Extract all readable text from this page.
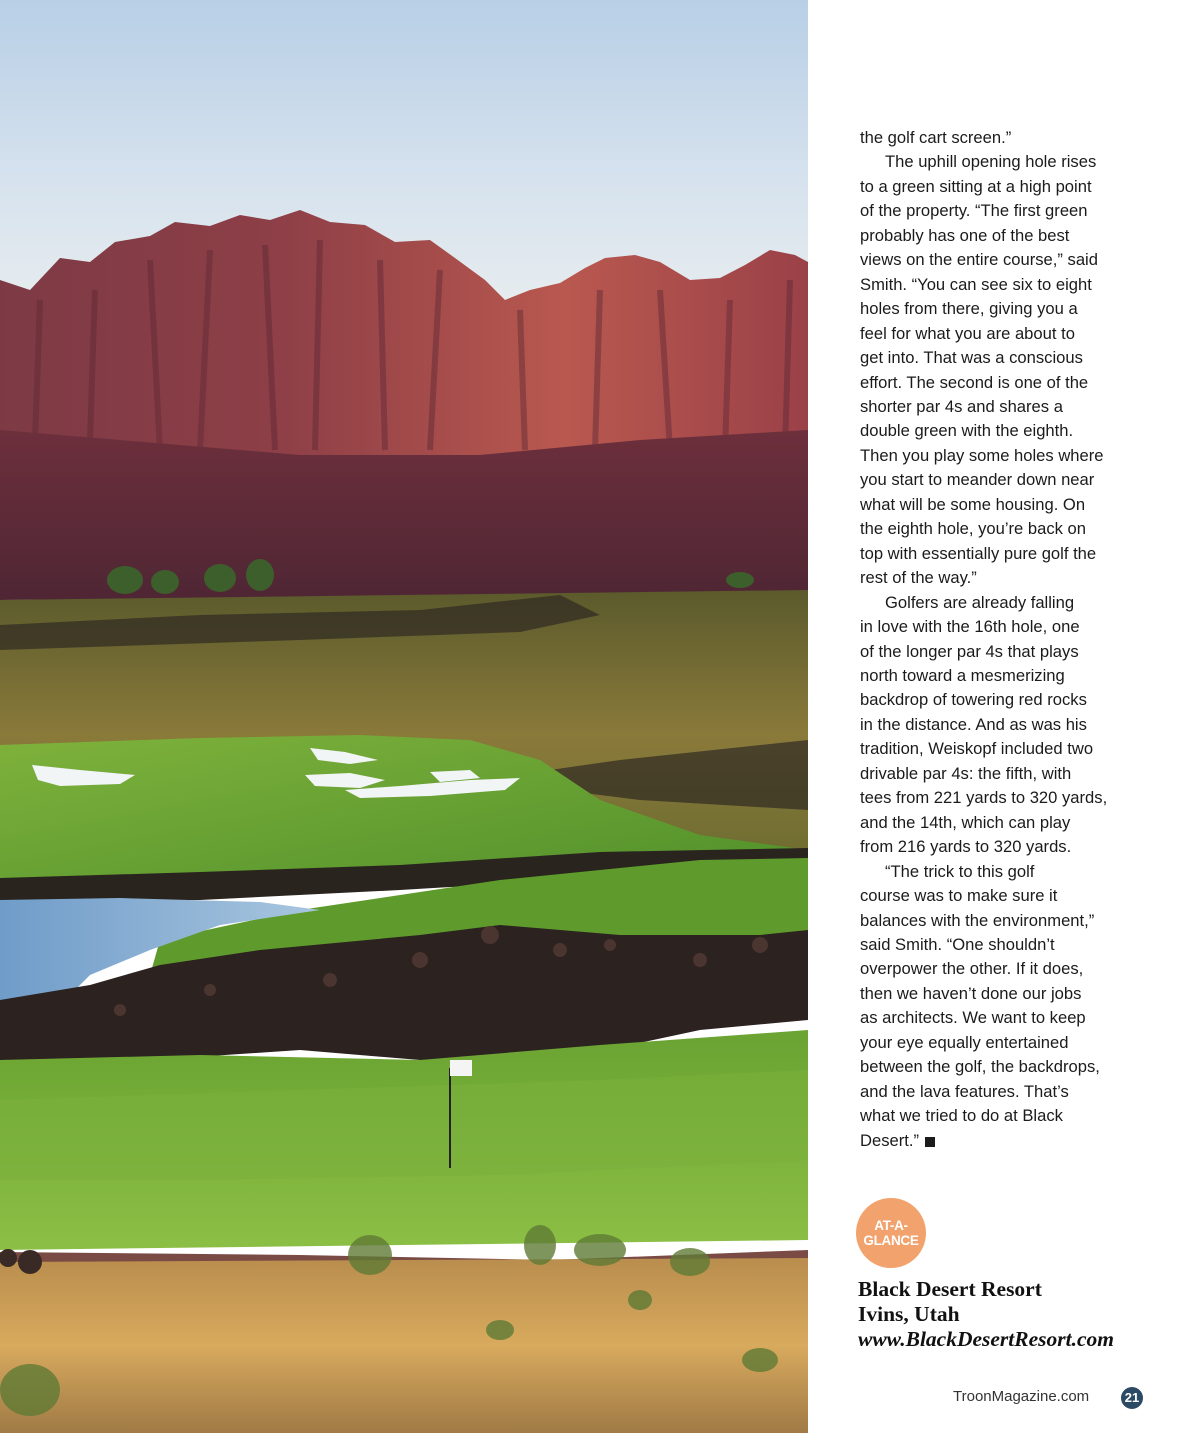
the golf cart screen.”

The uphill opening hole rises
to a green sitting at a high point
of the property. “The first green
probably has one of the best
views on the entire course,” said
Smith. “You can see six to eight
holes from there, giving you a
feel for what you are about to
get into. That was a conscious
effort. The second is one of the
shorter par 4s and shares a
double green with the eighth.
Then you play some holes where
you start to meander down near
what will be some housing. On
the eighth hole, you’re back on
top with essentially pure golf the
rest of the way.”

Golfers are already falling
in love with the 16th hole, one
of the longer par 4s that plays
north toward a mesmerizing
backdrop of towering red rocks
in the distance. And as was his
tradition, Weiskopf included two
drivable par 4s: the fifth, with
tees from 221 yards to 320 yards,
and the 14th, which can play
from 216 yards to 320 yards.

“The trick to this golf
course was to make sure it
balances with the environment,”
said Smith. “One shouldn’t
overpower the other. If it does,
then we haven’t done our jobs
as architects. We want to keep
your eye equally entertained
between the golf, the backdrops,
and the lava features. That’s
what we tried to do at Black
Desert.”

AT-A-
GLANCE
Black Desert Resort
Ivins, Utah
www.BlackDesertResort.com
TroonMagazine.com	21
